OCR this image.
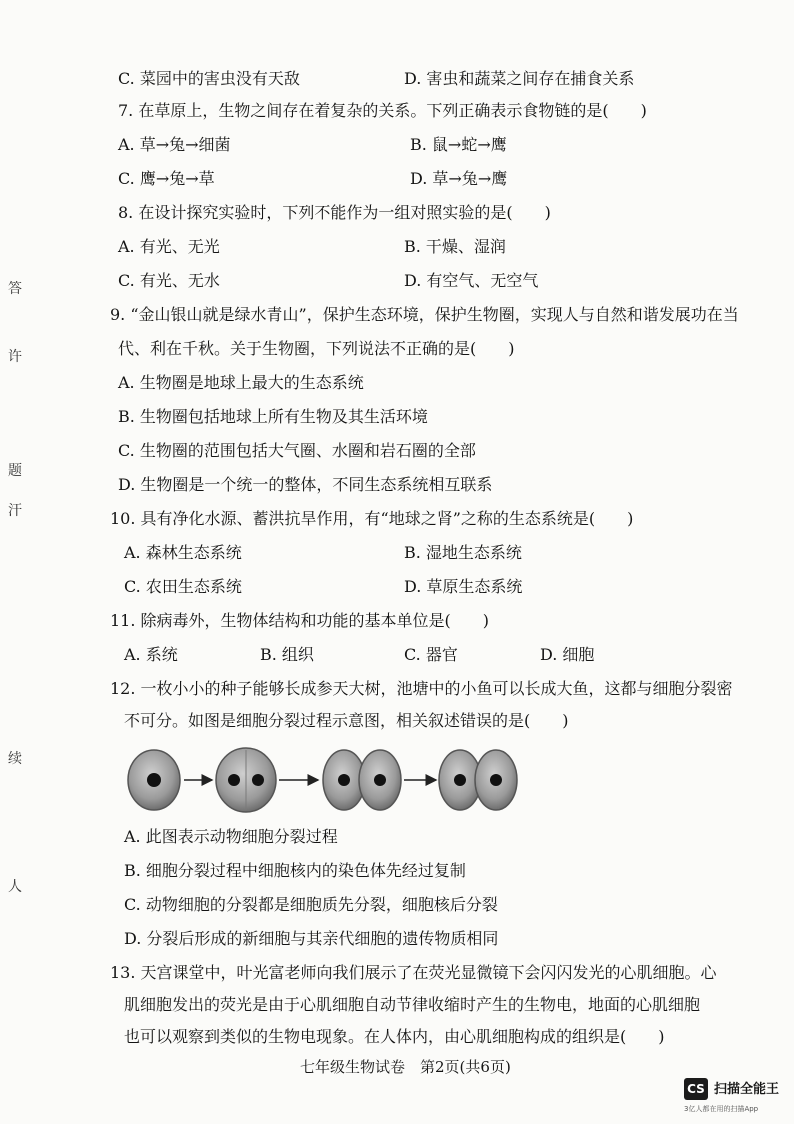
答
许
题
汗
续
人
C. 菜园中的害虫没有天敌	D. 害虫和蔬菜之间存在捕食关系
7. 在草原上，生物之间存在着复杂的关系。下列正确表示食物链的是(　　)
A. 草→兔→细菌	B. 鼠→蛇→鹰
C. 鹰→兔→草	D. 草→兔→鹰
8. 在设计探究实验时，下列不能作为一组对照实验的是(　　)
A. 有光、无光	B. 干燥、湿润
C. 有光、无水	D. 有空气、无空气
9. “金山银山就是绿水青山”，保护生态环境，保护生物圈，实现人与自然和谐发展功在当
代、利在千秋。关于生物圈，下列说法不正确的是(　　)
A. 生物圈是地球上最大的生态系统
B. 生物圈包括地球上所有生物及其生活环境
C. 生物圈的范围包括大气圈、水圈和岩石圈的全部
D. 生物圈是一个统一的整体，不同生态系统相互联系
10. 具有净化水源、蓄洪抗旱作用，有“地球之肾”之称的生态系统是(　　)
A. 森林生态系统	B. 湿地生态系统
C. 农田生态系统	D. 草原生态系统
11. 除病毒外，生物体结构和功能的基本单位是(　　)
A. 系统	B. 组织	C. 器官	D. 细胞
12. 一枚小小的种子能够长成参天大树，池塘中的小鱼可以长成大鱼，这都与细胞分裂密
不可分。如图是细胞分裂过程示意图，相关叙述错误的是(　　)
A. 此图表示动物细胞分裂过程
B. 细胞分裂过程中细胞核内的染色体先经过复制
C. 动物细胞的分裂都是细胞质先分裂，细胞核后分裂
D. 分裂后形成的新细胞与其亲代细胞的遗传物质相同
13. 天宫课堂中，叶光富老师向我们展示了在荧光显微镜下会闪闪发光的心肌细胞。心
肌细胞发出的荧光是由于心肌细胞自动节律收缩时产生的生物电，地面的心肌细胞
也可以观察到类似的生物电现象。在人体内，由心肌细胞构成的组织是(　　)
七年级生物试卷　第2页(共6页)
CS 扫描全能王
3亿人都在用的扫描App
